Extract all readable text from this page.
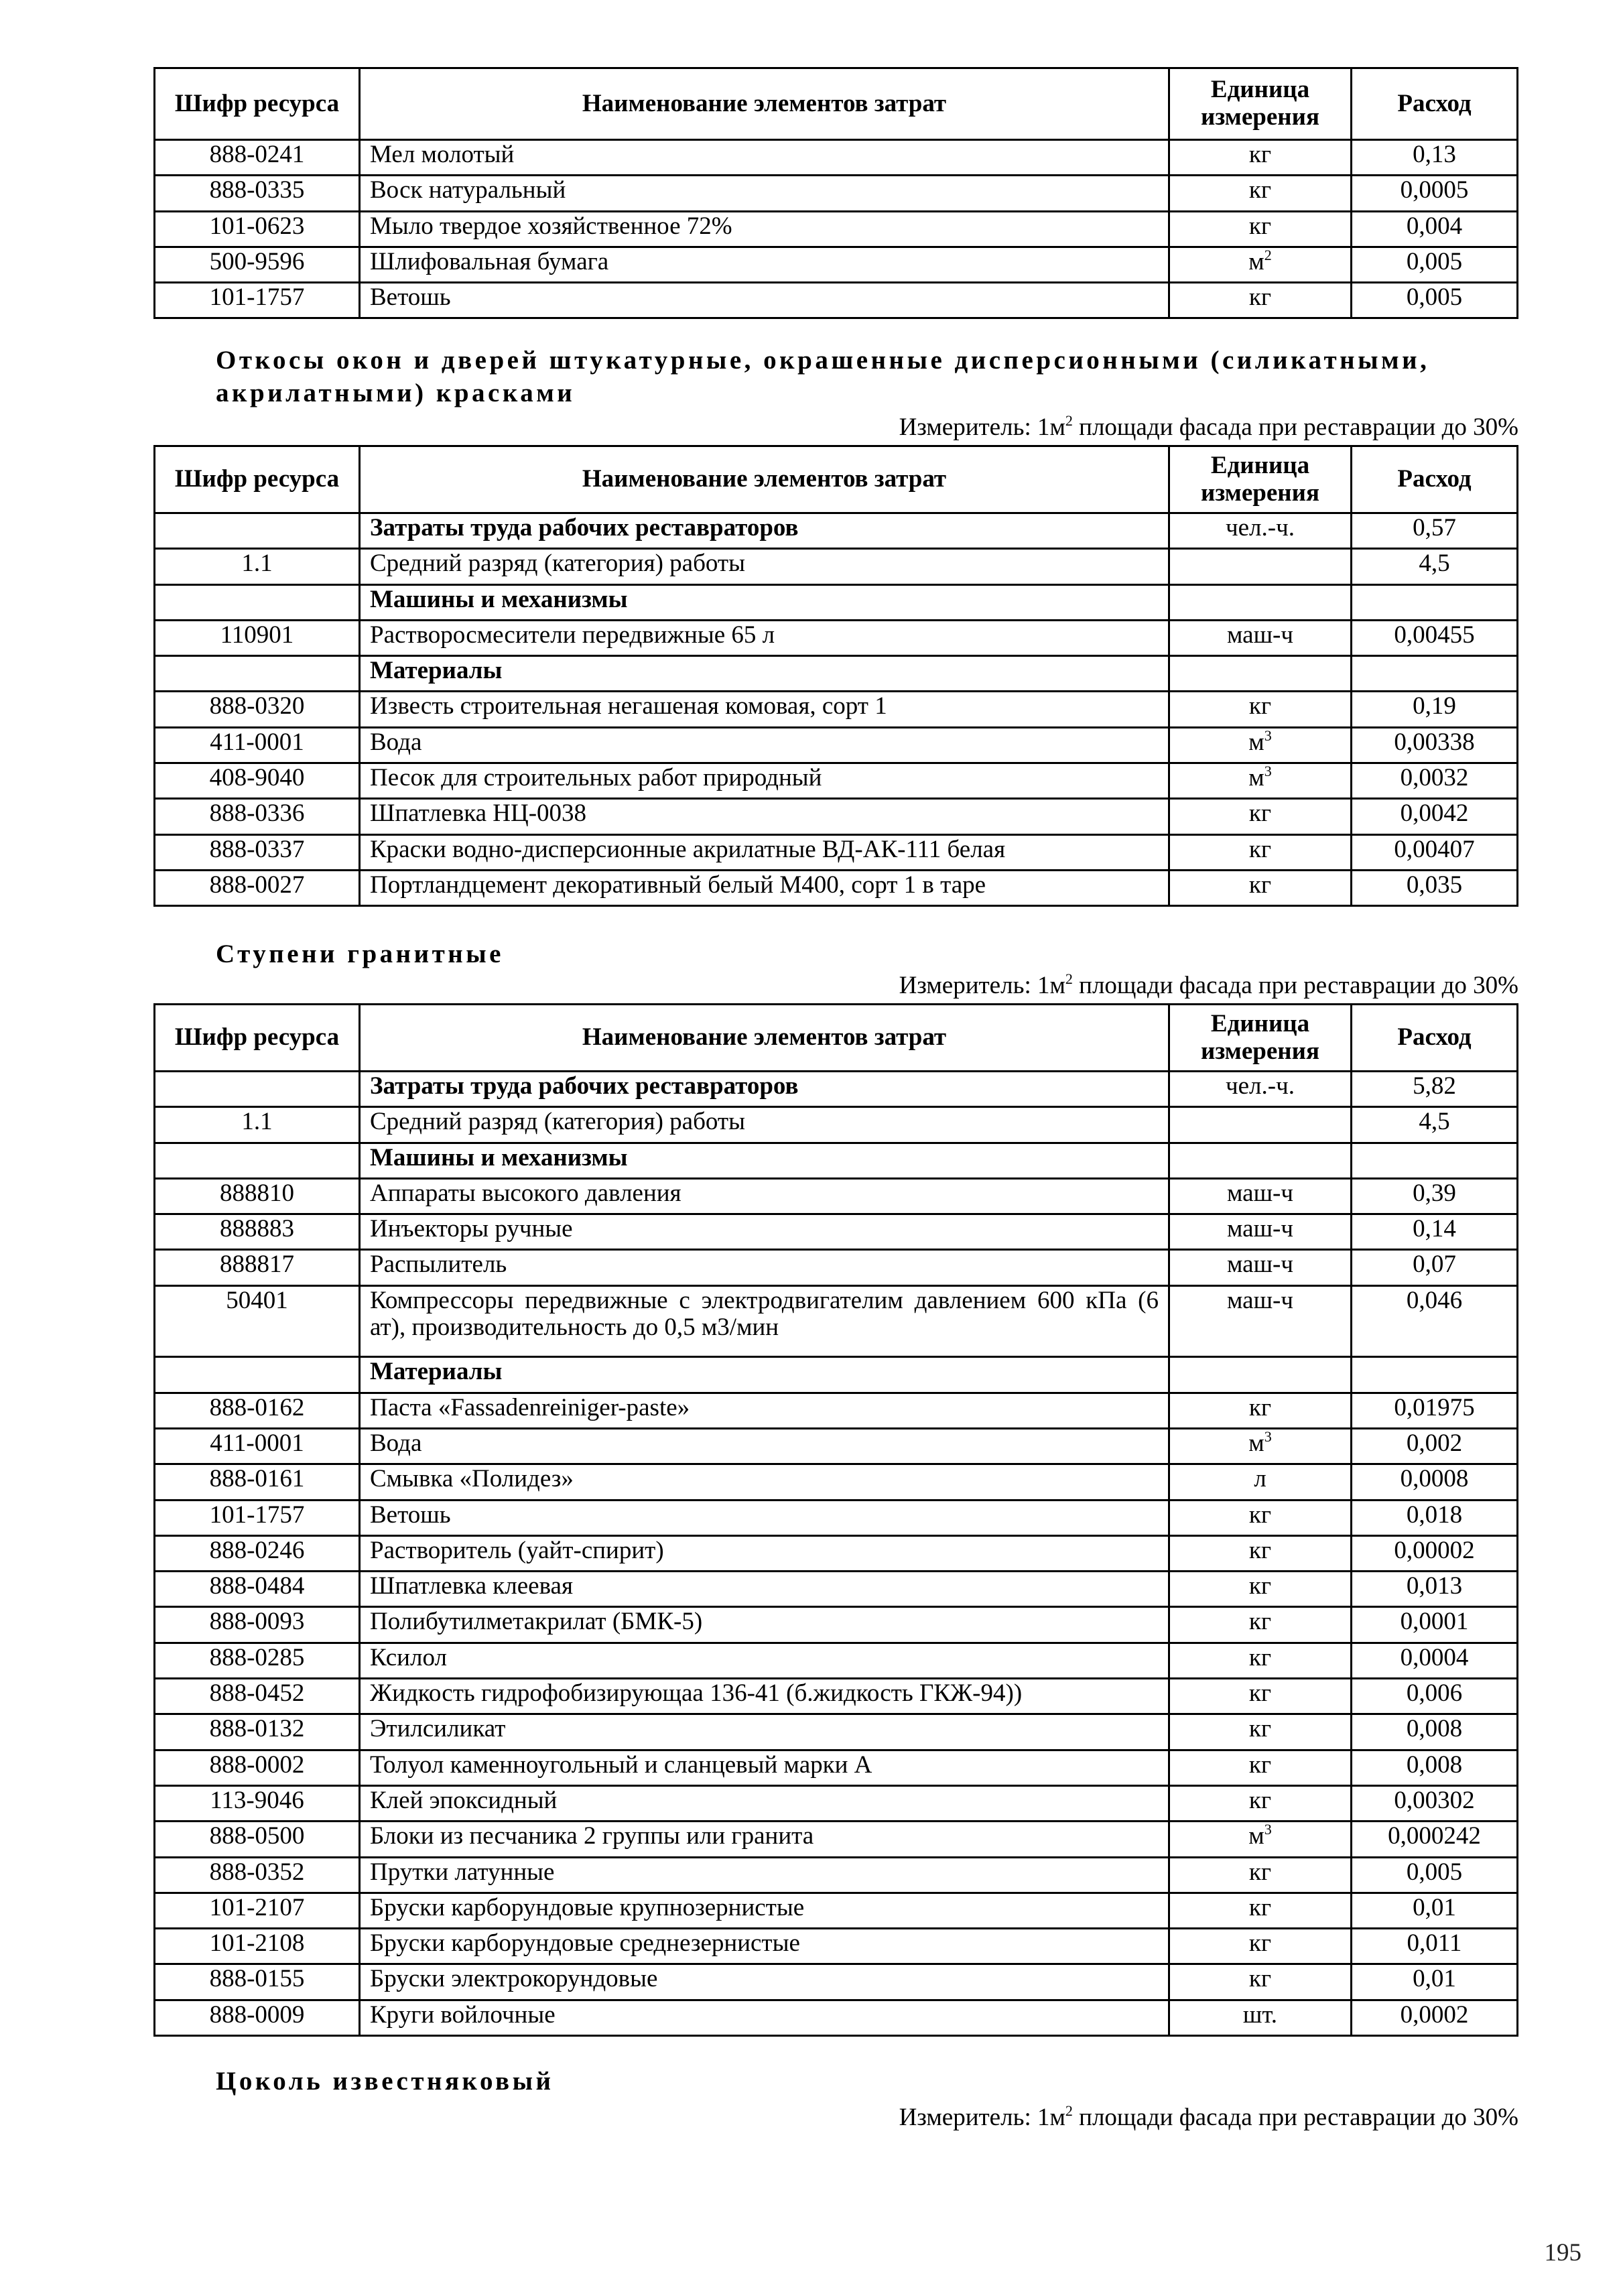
Шифр ресурса	Наименование элементов затрат	Единица измерения	Расход
888-0241	Мел молотый	кг	0,13
888-0335	Воск натуральный	кг	0,0005
101-0623	Мыло твердое хозяйственное 72%	кг	0,004
500-9596	Шлифовальная бумага	$м^2$	0,005
101-1757	Ветошь	кг	0,005
Откосы окон и дверей штукатурные, окрашенные дисперсионными (силикатными, акрилатными) красками
Измеритель: $1м^2$ площади фасада при реставрации до 30%
Шифр ресурса	Наименование элементов затрат	Единица измерения	Расход
	Затраты труда рабочих реставраторов	чел.-ч.	0,57
1.1	Средний разряд (категория) работы		4,5
	Машины и механизмы		
110901	Растворосмесители передвижные 65 л	маш-ч	0,00455
	Материалы		
888-0320	Известь строительная негашеная комовая, сорт 1	кг	0,19
411-0001	Вода	$м^3$	0,00338
408-9040	Песок для строительных работ природный	$м^3$	0,0032
888-0336	Шпатлевка НЦ-0038	кг	0,0042
888-0337	Краски водно-дисперсионные акрилатные ВД-АК-111 белая	кг	0,00407
888-0027	Портландцемент декоративный белый М400, сорт 1 в таре	кг	0,035
Ступени гранитные
Измеритель: $1м^2$ площади фасада при реставрации до 30%
Шифр ресурса	Наименование элементов затрат	Единица измерения	Расход
	Затраты труда рабочих реставраторов	чел.-ч.	5,82
1.1	Средний разряд (категория) работы		4,5
	Машины и механизмы		
888810	Аппараты высокого давления	маш-ч	0,39
888883	Инъекторы ручные	маш-ч	0,14
888817	Распылитель	маш-ч	0,07
50401	Компрессоры передвижные с электродвигателим давлением 600 кПа (6 ат), производительность до 0,5 м3/мин	маш-ч	0,046
	Материалы		
888-0162	Паста «Fassadenreiniger-paste»	кг	0,01975
411-0001	Вода	$м^3$	0,002
888-0161	Смывка «Полидез»	л	0,0008
101-1757	Ветошь	кг	0,018
888-0246	Растворитель (уайт-спирит)	кг	0,00002
888-0484	Шпатлевка клеевая	кг	0,013
888-0093	Полибутилметакрилат (БМК-5)	кг	0,0001
888-0285	Ксилол	кг	0,0004
888-0452	Жидкость гидрофобизирующаа 136-41 (б.жидкость ГКЖ-94))	кг	0,006
888-0132	Этилсиликат	кг	0,008
888-0002	Толуол каменноугольный и сланцевый марки А	кг	0,008
113-9046	Клей эпоксидный	кг	0,00302
888-0500	Блоки из песчаника 2 группы или гранита	$м^3$	0,000242
888-0352	Прутки латунные	кг	0,005
101-2107	Бруски карборундовые крупнозернистые	кг	0,01
101-2108	Бруски карборундовые среднезернистые	кг	0,011
888-0155	Бруски электрокорундовые	кг	0,01
888-0009	Круги войлочные	шт.	0,0002
Цоколь известняковый
Измеритель: $1м^2$ площади фасада при реставрации до 30%
195
